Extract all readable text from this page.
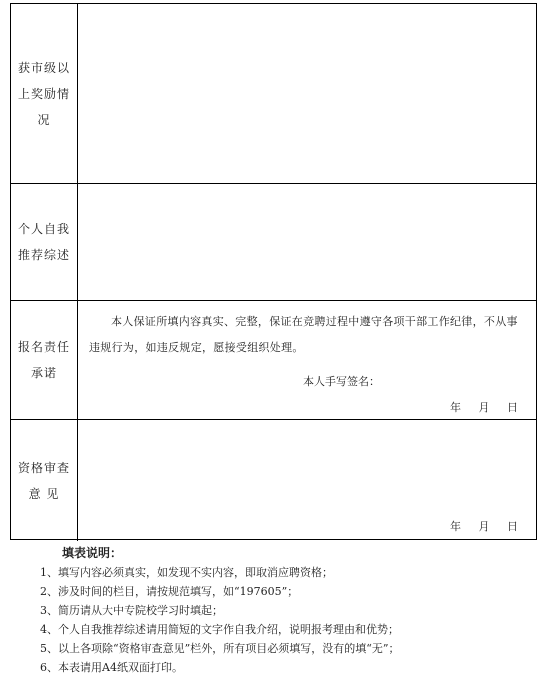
获市级以上奖励情况
个人自我推荐综述
报名责任承诺
本人保证所填内容真实、完整，保证在竞聘过程中遵守各项干部工作纪律，不从事违规行为，如违反规定，愿接受组织处理。
本人手写签名：
年 月 日
资格审查意 见
年 月 日
填表说明：
1、填写内容必须真实，如发现不实内容，即取消应聘资格；
2、涉及时间的栏目，请按规范填写，如“197605”；
3、简历请从大中专院校学习时填起；
4、个人自我推荐综述请用简短的文字作自我介绍，说明报考理由和优势；
5、以上各项除“资格审查意见”栏外，所有项目必须填写，没有的填“无”；
6、本表请用A4纸双面打印。
